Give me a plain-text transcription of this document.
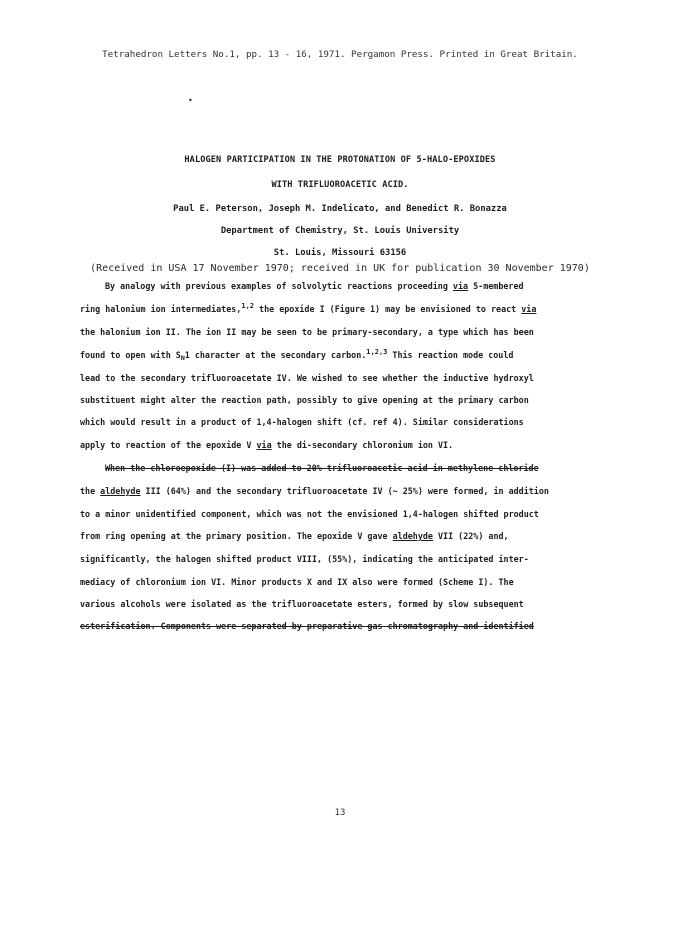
Tetrahedron Letters No.1, pp. 13 - 16, 1971. Pergamon Press. Printed in Great Britain.
•
HALOGEN PARTICIPATION IN THE PROTONATION OF 5-HALO-EPOXIDES
WITH TRIFLUOROACETIC ACID.
Paul E. Peterson, Joseph M. Indelicato, and Benedict R. Bonazza
Department of Chemistry, St. Louis University
St. Louis, Missouri 63156
(Received in USA 17 November 1970; received in UK for publication 30 November 1970)
By analogy with previous examples of solvolytic reactions proceeding via 5-membered
ring halonium ion intermediates,$^{1,2}$ the epoxide I (Figure 1) may be envisioned to react via
the halonium ion II. The ion II may be seen to be primary-secondary, a type which has been
found to open with $S_N1$ character at the secondary carbon.$^{1,2,3}$ This reaction mode could
lead to the secondary trifluoroacetate IV. We wished to see whether the inductive hydroxyl
substituent might alter the reaction path, possibly to give opening at the primary carbon
which would result in a product of 1,4-halogen shift (cf. ref 4). Similar considerations
apply to reaction of the epoxide V via the di-secondary chloronium ion VI.
When the chloroepoxide (I) was added to 20% trifluoroacetic acid in methylene chloride
the aldehyde III (64%) and the secondary trifluoroacetate IV (~ 25%) were formed, in addition
to a minor unidentified component, which was not the envisioned 1,4-halogen shifted product
from ring opening at the primary position. The epoxide V gave aldehyde VII (22%) and,
significantly, the halogen shifted product VIII, (55%), indicating the anticipated inter-
mediacy of chloronium ion VI. Minor products X and IX also were formed (Scheme I). The
various alcohols were isolated as the trifluoroacetate esters, formed by slow subsequent
esterification. Components were separated by preparative gas chromatography and identified
13
